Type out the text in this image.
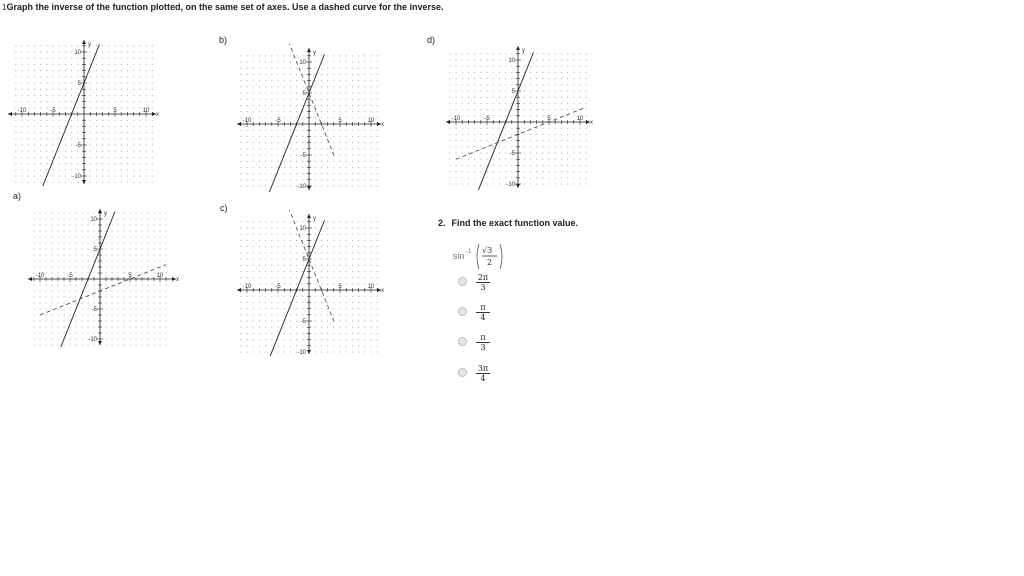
1Graph the inverse of the function plotted, on the same set of axes. Use a dashed curve for the inverse.
-10
-10
-5
-5
5
5
10
10
x
y	b)
-10
-10
-5
-5
5
5
10
10
x
y
d)
-10
-10
-5
-5
5
5
10
10
x
y
a)
-10
-10
-5
-5
5
5
10
10
x
y
c)
-10
-10
-5
-5
5
5
10
10
x
y	2. Find the exact function value.
sin -1 √3
2
$\frac{2\pi}{3}$
$\frac{\pi}{4}$
$\frac{\pi}{3}$
$\frac{3\pi}{4}$
